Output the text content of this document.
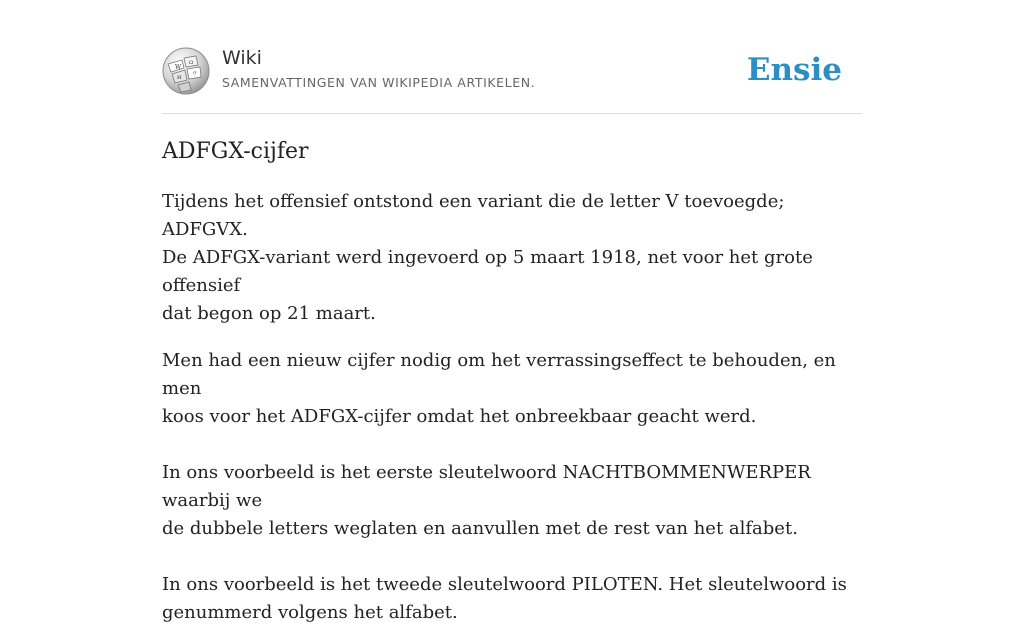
W
Ω
И
ウ
Wiki
SAMENVATTINGEN VAN WIKIPEDIA ARTIKELEN.	Ensie
ADFGX-cijfer

Tijdens het offensief ontstond een variant die de letter V toevoegde; ADFGVX.
De ADFGX-variant werd ingevoerd op 5 maart 1918, net voor het grote offensief
dat begon op 21 maart.

Men had een nieuw cijfer nodig om het verrassingseffect te behouden, en men
koos voor het ADFGX-cijfer omdat het onbreekbaar geacht werd.

In ons voorbeeld is het eerste sleutelwoord NACHTBOMMENWERPER waarbij we
de dubbele letters weglaten en aanvullen met de rest van het alfabet.

In ons voorbeeld is het tweede sleutelwoord PILOTEN. Het sleutelwoord is
genummerd volgens het alfabet.
